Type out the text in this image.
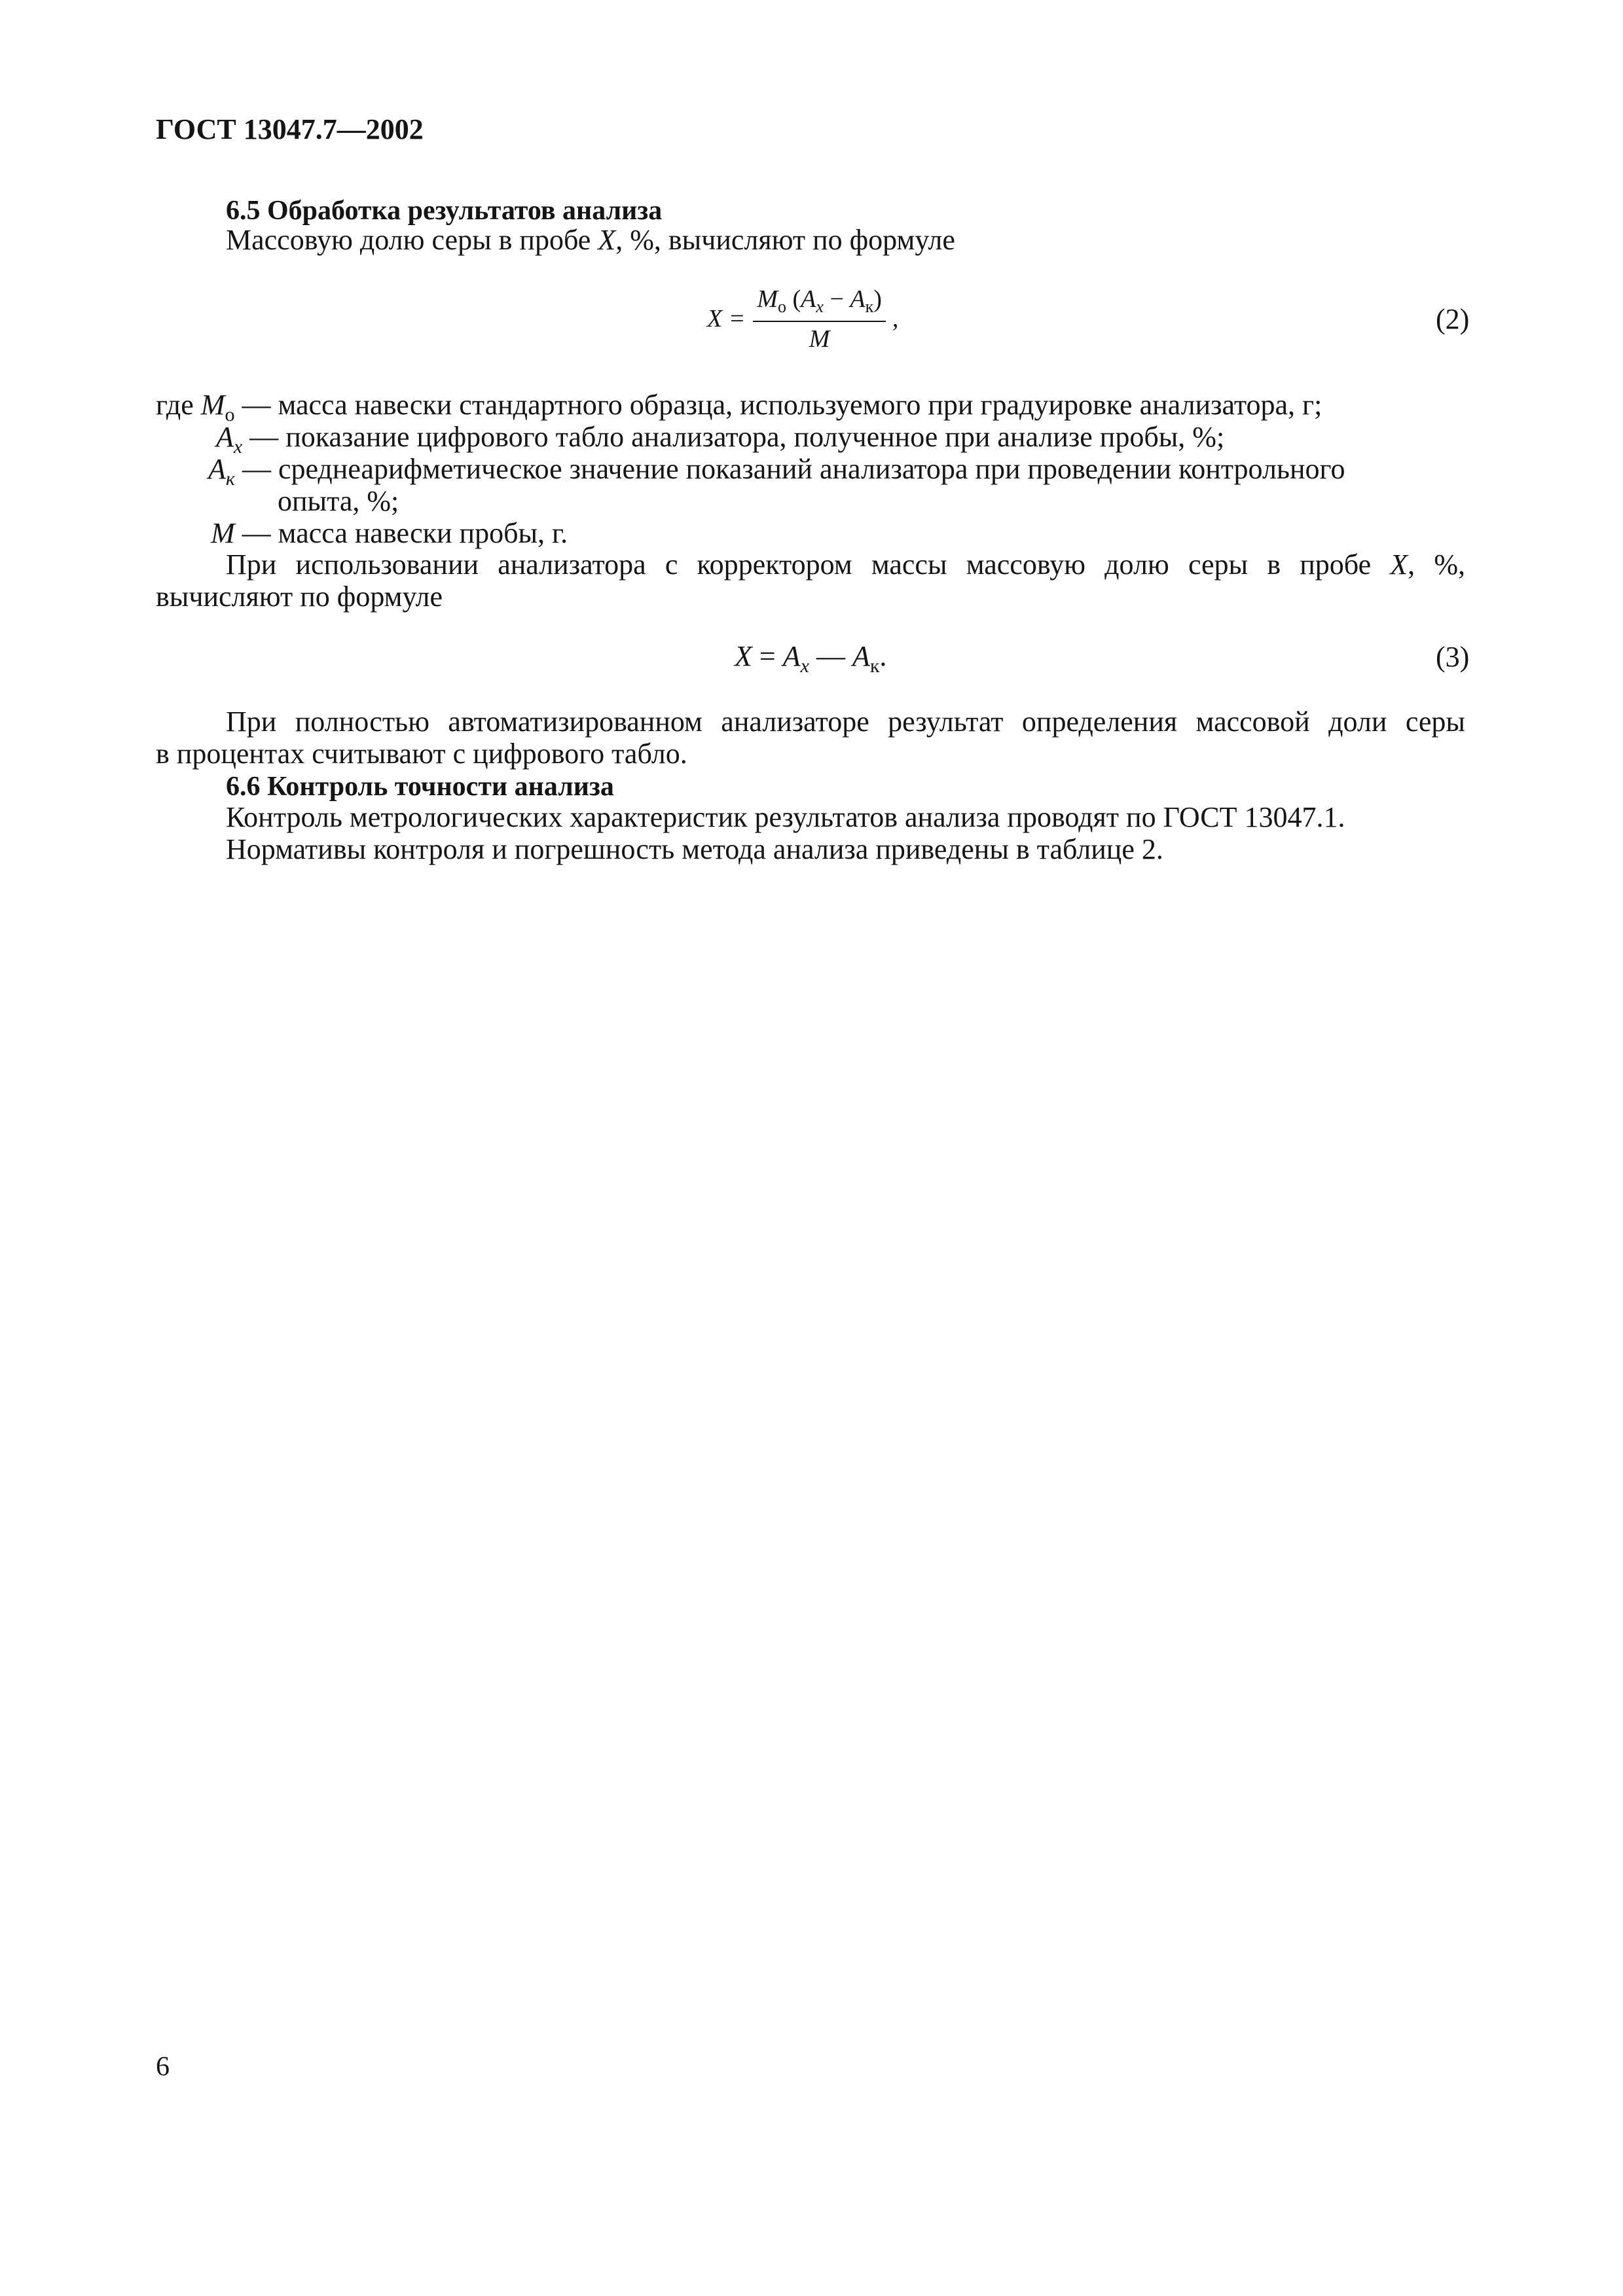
ГОСТ 13047.7—2002
6.5 Обработка результатов анализа
Массовую долю серы в пробе X, %, вычисляют по формуле
$X = \frac{M_o (A_x - A_к)}{M}$ ,	(2)
где $M_о$ — масса навески стандартного образца, используемого при градуировке анализатора, г;
$A_x$ — показание цифрового табло анализатора, полученное при анализе пробы, %;
$A_к$ — среднеарифметическое значение показаний анализатора при проведении контрольного
опыта, %;
M — масса навески пробы, г.
При использовании анализатора с корректором массы массовую долю серы в пробе X, %,
вычисляют по формуле
$X = A_x$ — $A_к$.	(3)
При полностью автоматизированном анализаторе результат определения массовой доли серы
в процентах считывают с цифрового табло.
6.6 Контроль точности анализа
Контроль метрологических характеристик результатов анализа проводят по ГОСТ 13047.1.
Нормативы контроля и погрешность метода анализа приведены в таблице 2.
6
